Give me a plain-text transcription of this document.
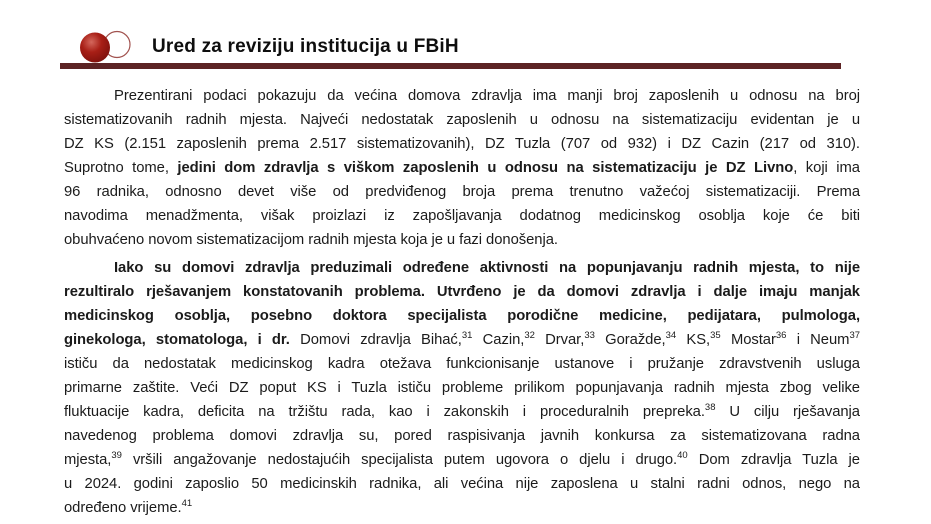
Ured za reviziju institucija u FBiH
Prezentirani podaci pokazuju da većina domova zdravlja ima manji broj zaposlenih u odnosu na broj
sistematizovanih radnih mjesta. Najveći nedostatak zaposlenih u odnosu na sistematizaciju evidentan je u
DZ KS (2.151 zaposlenih prema 2.517 sistematizovanih), DZ Tuzla (707 od 932) i DZ Cazin (217 od 310).
Suprotno tome, jedini dom zdravlja s viškom zaposlenih u odnosu na sistematizaciju je DZ Livno, koji ima
96 radnika, odnosno devet više od predviđenog broja prema trenutno važećoj sistematizaciji. Prema
navodima menadžmenta, višak proizlazi iz zapošljavanja dodatnog medicinskog osoblja koje će biti
obuhvaćeno novom sistematizacijom radnih mjesta koja je u fazi donošenja.
Iako su domovi zdravlja preduzimali određene aktivnosti na popunjavanju radnih mjesta, to nije
rezultiralo rješavanjem konstatovanih problema. Utvrđeno je da domovi zdravlja i dalje imaju manjak
medicinskog osoblja, posebno doktora specijalista porodične medicine, pedijatara, pulmologa,
ginekologa, stomatologa, i dr. Domovi zdravlja Bihać,$^{31}$ Cazin,$^{32}$ Drvar,$^{33}$ Goražde,$^{34}$ KS,$^{35}$ Mostar$^{36}$ i Neum$^{37}$
ističu da nedostatak medicinskog kadra otežava funkcionisanje ustanove i pružanje zdravstvenih usluga
primarne zaštite. Veći DZ poput KS i Tuzla ističu probleme prilikom popunjavanja radnih mjesta zbog velike
fluktuacije kadra, deficita na tržištu rada, kao i zakonskih i proceduralnih prepreka.$^{38}$ U cilju rješavanja
navedenog problema domovi zdravlja su, pored raspisivanja javnih konkursa za sistematizovana radna
mjesta,$^{39}$ vršili angažovanje nedostajućih specijalista putem ugovora o djelu i drugo.$^{40}$ Dom zdravlja Tuzla je
u 2024. godini zaposlio 50 medicinskih radnika, ali većina nije zaposlena u stalni radni odnos, nego na
određeno vrijeme.$^{41}$
